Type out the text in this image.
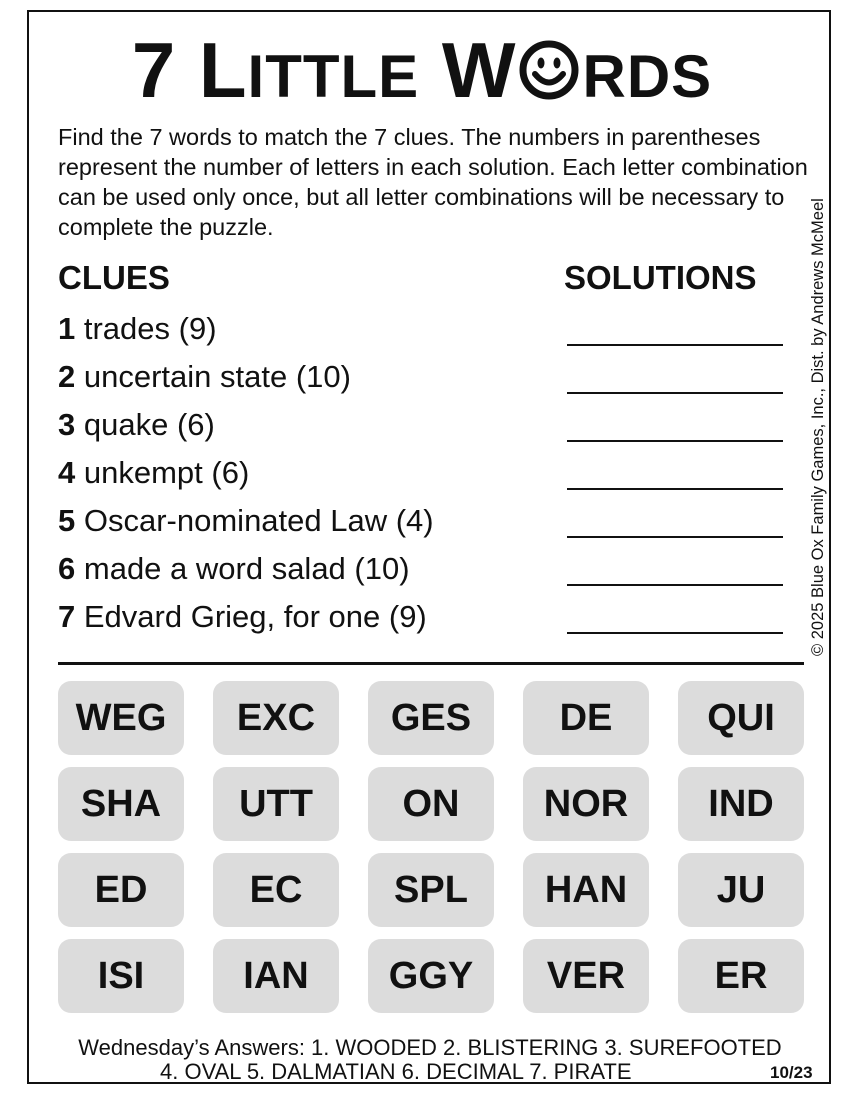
7 LITTLE W RDS
Find the 7 words to match the 7 clues. The numbers in parentheses represent the number of letters in each solution. Each letter combination can be used only once, but all letter combinations will be necessary to complete the puzzle.	© 2025 Blue Ox Family Games, Inc., Dist. by Andrews McMeel
CLUES	SOLUTIONS
1 trades (9)
2 uncertain state (10)
3 quake (6)
4 unkempt (6)
5 Oscar-nominated Law (4)
6 made a word salad (10)
7 Edvard Grieg, for one (9)
WEG	EXC	GES	DE	QUI
SHA	UTT	ON	NOR	IND
ED	EC	SPL	HAN	JU
ISI	IAN	GGY	VER	ER
Wednesday’s Answers: 1. WOODED 2. BLISTERING 3. SUREFOOTED
4. OVAL 5. DALMATIAN 6. DECIMAL 7. PIRATE	10/23
